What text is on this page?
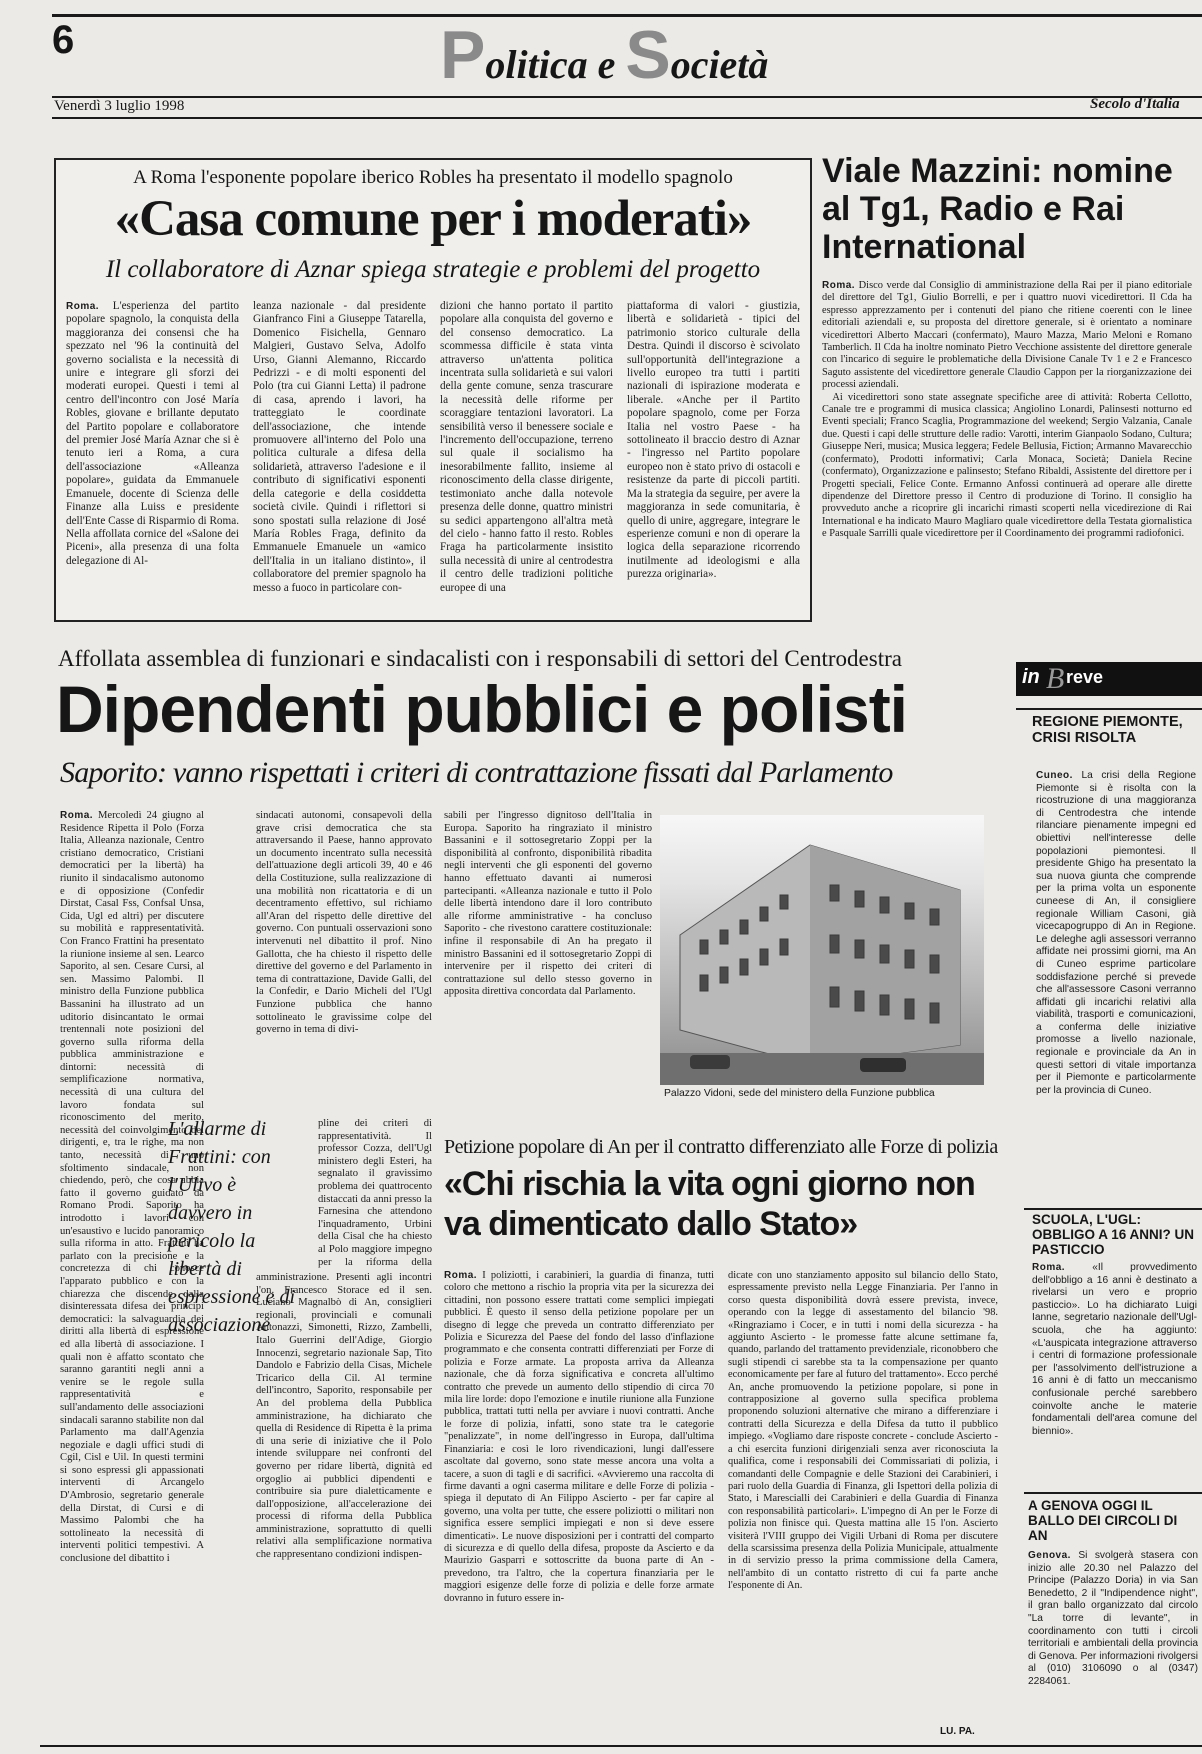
6	Politica e Società
Venerdì 3 luglio 1998	Secolo d'Italia
A Roma l'esponente popolare iberico Robles ha presentato il modello spagnolo
«Casa comune per i moderati»
Il collaboratore di Aznar spiega strategie e problemi del progetto
Roma. L'esperienza del partito popolare spagnolo, la conquista della maggioranza dei consensi che ha spezzato nel '96 la continuità del governo socialista e la necessità di unire e integrare gli sforzi dei moderati europei. Questi i temi al centro dell'incontro con José María Robles, giovane e brillante deputato del Partito popolare e collaboratore del premier José María Aznar che si è tenuto ieri a Roma, a cura dell'associazione «Alleanza popolare», guidata da Emmanuele Emanuele, docente di Scienza delle Finanze alla Luiss e presidente dell'Ente Casse di Risparmio di Roma. Nella affollata cornice del «Salone dei Piceni», alla presenza di una folta delegazione di Al-
leanza nazionale - dal presidente Gianfranco Fini a Giuseppe Tatarella, Domenico Fisichella, Gennaro Malgieri, Gustavo Selva, Adolfo Urso, Gianni Alemanno, Riccardo Pedrizzi - e di molti esponenti del Polo (tra cui Gianni Letta) il padrone di casa, aprendo i lavori, ha tratteggiato le coordinate dell'associazione, che intende promuovere all'interno del Polo una politica culturale a difesa della solidarietà, attraverso l'adesione e il contributo di significativi esponenti della categorie e della cosiddetta società civile. Quindi i riflettori si sono spostati sulla relazione di José María Robles Fraga, definito da Emmanuele Emanuele un «amico dell'Italia in un italiano distinto», il collaboratore del premier spagnolo ha messo a fuoco in particolare con-
dizioni che hanno portato il partito popolare alla conquista del governo e del consenso democratico. La scommessa difficile è stata vinta attraverso un'attenta politica incentrata sulla solidarietà e sui valori della gente comune, senza trascurare la necessità delle riforme per scoraggiare tentazioni lavoratori. La sensibilità verso il benessere sociale e l'incremento dell'occupazione, terreno sul quale il socialismo ha inesorabilmente fallito, insieme al riconoscimento della classe dirigente, testimoniato anche dalla notevole presenza delle donne, quattro ministri su sedici appartengono all'altra metà del cielo - hanno fatto il resto. Robles Fraga ha particolarmente insistito sulla necessità di unire al centrodestra il centro delle tradizioni politiche europee di una
piattaforma di valori - giustizia, libertà e solidarietà - tipici del patrimonio storico culturale della Destra. Quindi il discorso è scivolato sull'opportunità dell'integrazione a livello europeo tra tutti i partiti nazionali di ispirazione moderata e liberale. «Anche per il Partito popolare spagnolo, come per Forza Italia nel vostro Paese - ha sottolineato il braccio destro di Aznar - l'ingresso nel Partito popolare europeo non è stato privo di ostacoli e resistenze da parte di piccoli partiti. Ma la strategia da seguire, per avere la maggioranza in sede comunitaria, è quello di unire, aggregare, integrare le esperienze comuni e non di operare la logica della separazione ricorrendo inutilmente ad ideologismi e alla purezza originaria».
Viale Mazzini: nomine al Tg1, Radio e Rai International
Roma. Disco verde dal Consiglio di amministrazione della Rai per il piano editoriale del direttore del Tg1, Giulio Borrelli, e per i quattro nuovi vicedirettori. Il Cda ha espresso apprezzamento per i contenuti del piano che ritiene coerenti con le linee editoriali aziendali e, su proposta del direttore generale, si è orientato a nominare vicedirettori Alberto Maccari (confermato), Mauro Mazza, Mario Meloni e Romano Tamberlich. Il Cda ha inoltre nominato Pietro Vecchione assistente del direttore generale con l'incarico di seguire le problematiche della Divisione Canale Tv 1 e 2 e Francesco Saguto assistente del vicedirettore generale Claudio Cappon per la riorganizzazione dei processi aziendali.
Ai vicedirettori sono state assegnate specifiche aree di attività: Roberta Cellotto, Canale tre e programmi di musica classica; Angiolino Lonardi, Palinsesti notturno ed Eventi speciali; Franco Scaglia, Programmazione del weekend; Sergio Valzania, Canale due. Questi i capi delle strutture delle radio: Varotti, interim Gianpaolo Sodano, Cultura; Giuseppe Neri, musica; Musica leggera; Fedele Bellusia, Fiction; Armanno Mavarecchio (confermato), Prodotti informativi; Carla Monaca, Società; Daniela Recine (confermato), Organizzazione e palinsesto; Stefano Ribaldi, Assistente del direttore per i Progetti speciali, Felice Conte. Ermanno Anfossi continuerà ad operare alle dirette dipendenze del Direttore presso il Centro di produzione di Torino. Il consiglio ha provveduto anche a ricoprire gli incarichi rimasti scoperti nella vicedirezione di Rai International e ha indicato Mauro Magliaro quale vicedirettore della Testata giornalistica e Pasquale Sarrilli quale vicedirettore per il Coordinamento dei programmi radiofonici.
Affollata assemblea di funzionari e sindacalisti con i responsabili di settori del Centrodestra
Dipendenti pubblici e polisti
Saporito: vanno rispettati i criteri di contrattazione fissati dal Parlamento
Roma. Mercoledì 24 giugno al Residence Ripetta il Polo (Forza Italia, Alleanza nazionale, Centro cristiano democratico, Cristiani democratici per la libertà) ha riunito il sindacalismo autonomo e di opposizione (Confedir Dirstat, Casal Fss, Confsal Unsa, Cida, Ugl ed altri) per discutere su mobilità e rappresentatività. Con Franco Frattini ha presentato la riunione insieme al sen. Learco Saporito, al sen. Cesare Cursi, al sen. Massimo Palombi. Il ministro della Funzione pubblica Bassanini ha illustrato ad un uditorio disincantato le ormai trentennali note posizioni del governo sulla riforma della pubblica amministrazione e dintorni: necessità di semplificazione normativa, necessità di una cultura del lavoro fondata sul riconoscimento del merito, necessità del coinvolgimento dei dirigenti, e, tra le righe, ma non tanto, necessità di uno sfoltimento sindacale, non chiedendo, però, che cosa abbia fatto il governo guidato da Romano Prodi. Saporito ha introdotto i lavori con un'esaustivo e lucido panoramico sulla riforma in atto. Frattini ha parlato con la precisione e la concretezza di chi conosce l'apparato pubblico e con la chiarezza che discende dalla disinteressata difesa dei principi democratici: la salvaguardia dei diritti alla libertà di espressione ed alla libertà di associazione. I quali non è affatto scontato che saranno garantiti negli anni a venire se le regole sulla rappresentatività e sull'andamento delle associazioni sindacali saranno stabilite non dal Parlamento ma dall'Agenzia negoziale e dagli uffici studi di Cgil, Cisl e Uil. In questi termini si sono espressi gli appassionati interventi di Arcangelo D'Ambrosio, segretario generale della Dirstat, di Cursi e di Massimo Palombi che ha sottolineato la necessità di interventi politici tempestivi. A conclusione del dibattito i
L'allarme di Frattini: con l'Ulivo è davvero in pericolo la libertà di espressione e di associazione
sindacati autonomi, consapevoli della grave crisi democratica che sta attraversando il Paese, hanno approvato un documento incentrato sulla necessità dell'attuazione degli articoli 39, 40 e 46 della Costituzione, sulla realizzazione di una mobilità non ricattatoria e di un decentramento effettivo, sul richiamo all'Aran del rispetto delle direttive del governo. Con puntuali osservazioni sono intervenuti nel dibattito il prof. Nino Gallotta, che ha chiesto il rispetto delle direttive del governo e del Parlamento in tema di contrattazione, Davide Galli, del la Confedir, e Dario Micheli del l'Ugl Funzione pubblica che hanno sottolineato le gravissime colpe del governo in tema di divi-
pline dei criteri di rappresentatività. Il professor Cozza, dell'Ugl ministero degli Esteri, ha segnalato il gravissimo problema dei quattrocento distaccati da anni presso la Farnesina che attendono l'inquadramento, Urbini della Cisal che ha chiesto al Polo maggiore impegno per la riforma della
amministrazione. Presenti agli incontri l'on. Francesco Storace ed il sen. Luciano Magnalbò di An, consiglieri regionali, provinciali e comunali Antonazzi, Simonetti, Rizzo, Zambelli, Italo Guerrini dell'Adige, Giorgio Innocenzi, segretario nazionale Sap, Tito Dandolo e Fabrizio della Cisas, Michele Tricarico della Cil. Al termine dell'incontro, Saporito, responsabile per An del problema della Pubblica amministrazione, ha dichiarato che quella di Residence di Ripetta è la prima di una serie di iniziative che il Polo intende sviluppare nei confronti del governo per ridare libertà, dignità ed orgoglio ai pubblici dipendenti e contribuire sia pure dialetticamente e dall'opposizione, all'accelerazione dei processi di riforma della Pubblica amministrazione, soprattutto di quelli relativi alla semplificazione normativa che rappresentano condizioni indispen-
sabili per l'ingresso dignitoso dell'Italia in Europa. Saporito ha ringraziato il ministro Bassanini e il sottosegretario Zoppi per la disponibilità al confronto, disponibilità ribadita negli interventi che gli esponenti del governo hanno effettuato davanti ai numerosi partecipanti. «Alleanza nazionale e tutto il Polo delle libertà intendono dare il loro contributo alle riforme amministrative - ha concluso Saporito - che rivestono carattere costituzionale: infine il responsabile di An ha pregato il ministro Bassanini ed il sottosegretario Zoppi di intervenire per il rispetto dei criteri di contrattazione sul dello stesso governo in apposita direttiva concordata dal Parlamento.
Palazzo Vidoni, sede del ministero della Funzione pubblica
Petizione popolare di An per il contratto differenziato alle Forze di polizia
«Chi rischia la vita ogni giorno non va dimenticato dallo Stato»
Roma. I poliziotti, i carabinieri, la guardia di finanza, tutti coloro che mettono a rischio la propria vita per la sicurezza dei cittadini, non possono essere trattati come semplici impiegati pubblici. È questo il senso della petizione popolare per un disegno di legge che preveda un contratto differenziato per Polizia e Sicurezza del Paese del fondo del lasso d'inflazione programmato e che consenta contratti differenziati per Forze di polizia e Forze armate. La proposta arriva da Alleanza nazionale, che dà forza significativa e concreta all'ultimo contratto che prevede un aumento dello stipendio di circa 70 mila lire lorde: dopo l'emozione e inutile riunione alla Funzione pubblica, trattati tutti nella per avviare i nuovi contratti. Anche le forze di polizia, infatti, sono state tra le categorie "penalizzate", in nome dell'ingresso in Europa, dall'ultima Finanziaria: e così le loro rivendicazioni, lungi dall'essere ascoltate dal governo, sono state messe ancora una volta a tacere, a suon di tagli e di sacrifici. «Avvieremo una raccolta di firme davanti a ogni caserma militare e delle Forze di polizia - spiega il deputato di An Filippo Ascierto - per far capire al governo, una volta per tutte, che essere poliziotti o militari non significa essere semplici impiegati e non si deve essere dimenticati». Le nuove disposizioni per i contratti del comparto di sicurezza e di quello della difesa, proposte da Ascierto e da Maurizio Gasparri e sottoscritte da buona parte di An - prevedono, tra l'altro, che la copertura finanziaria per le maggiori esigenze delle forze di polizia e delle forze armate dovranno in futuro essere in-
dicate con uno stanziamento apposito sul bilancio dello Stato, espressamente previsto nella Legge Finanziaria. Per l'anno in corso questa disponibilità dovrà essere prevista, invece, operando con la legge di assestamento del bilancio '98. «Ringraziamo i Cocer, e in tutti i nomi della sicurezza - ha aggiunto Ascierto - le promesse fatte alcune settimane fa, quando, parlando del trattamento previdenziale, riconobbero che sugli stipendi ci sarebbe sta ta la compensazione per quanto economicamente per fare al futuro del trattamento». Ecco perché An, anche promuovendo la petizione popolare, si pone in contrapposizione al governo sulla specifica problema proponendo soluzioni alternative che mirano a differenziare i contratti della Sicurezza e della Difesa da tutto il pubblico impiego. «Vogliamo dare risposte concrete - conclude Ascierto - a chi esercita funzioni dirigenziali senza aver riconosciuta la qualifica, come i responsabili dei Commissariati di polizia, i comandanti delle Compagnie e delle Stazioni dei Carabinieri, i pari ruolo della Guardia di Finanza, gli Ispettori della polizia di Stato, i Marescialli dei Carabinieri e della Guardia di Finanza con responsabilità particolari». L'impegno di An per le Forze di polizia non finisce qui. Questa mattina alle 15 l'on. Ascierto visiterà l'VIII gruppo dei Vigili Urbani di Roma per discutere della scarsissima presenza della Polizia Municipale, attualmente in di servizio presso la prima commissione della Camera, nell'ambito di un contatto ristretto di cui fa parte anche l'esponente di An.
LU. PA.
in B reve
REGIONE PIEMONTE, CRISI RISOLTA
Cuneo. La crisi della Regione Piemonte si è risolta con la ricostruzione di una maggioranza di Centrodestra che intende rilanciare pienamente impegni ed obiettivi nell'interesse delle popolazioni piemontesi. Il presidente Ghigo ha presentato la sua nuova giunta che comprende per la prima volta un esponente cuneese di An, il consigliere regionale William Casoni, già vicecapogruppo di An in Regione. Le deleghe agli assessori verranno affidate nei prossimi giorni, ma An di Cuneo esprime particolare soddisfazione perché si prevede che all'assessore Casoni verranno affidati gli incarichi relativi alla viabilità, trasporti e comunicazioni, a conferma delle iniziative promosse a livello nazionale, regionale e provinciale da An in questi settori di vitale importanza per il Piemonte e particolarmente per la provincia di Cuneo.
SCUOLA, L'UGL: OBBLIGO A 16 ANNI? UN PASTICCIO
Roma.	«Il provvedimento dell'obbligo a 16 anni è destinato a rivelarsi un vero e proprio pasticcio». Lo ha dichiarato Luigi Ianne, segretario nazionale dell'Ugl-scuola, che ha aggiunto: «L'auspicata integrazione attraverso i centri di formazione professionale per l'assolvimento dell'istruzione a 16 anni è di fatto un meccanismo confusionale perché sarebbero coinvolte anche le materie fondamentali dell'area comune del biennio».
A GENOVA OGGI IL BALLO DEI CIRCOLI DI AN
Genova. Si svolgerà stasera con inizio alle 20.30 nel Palazzo del Principe (Palazzo Doria) in via San Benedetto, 2 il "Indipendence night", il gran ballo organizzato dal circolo "La torre di levante", in coordinamento con tutti i circoli territoriali e ambientali della provincia di Genova. Per informazioni rivolgersi al (010) 3106090 o al (0347) 2284061.
